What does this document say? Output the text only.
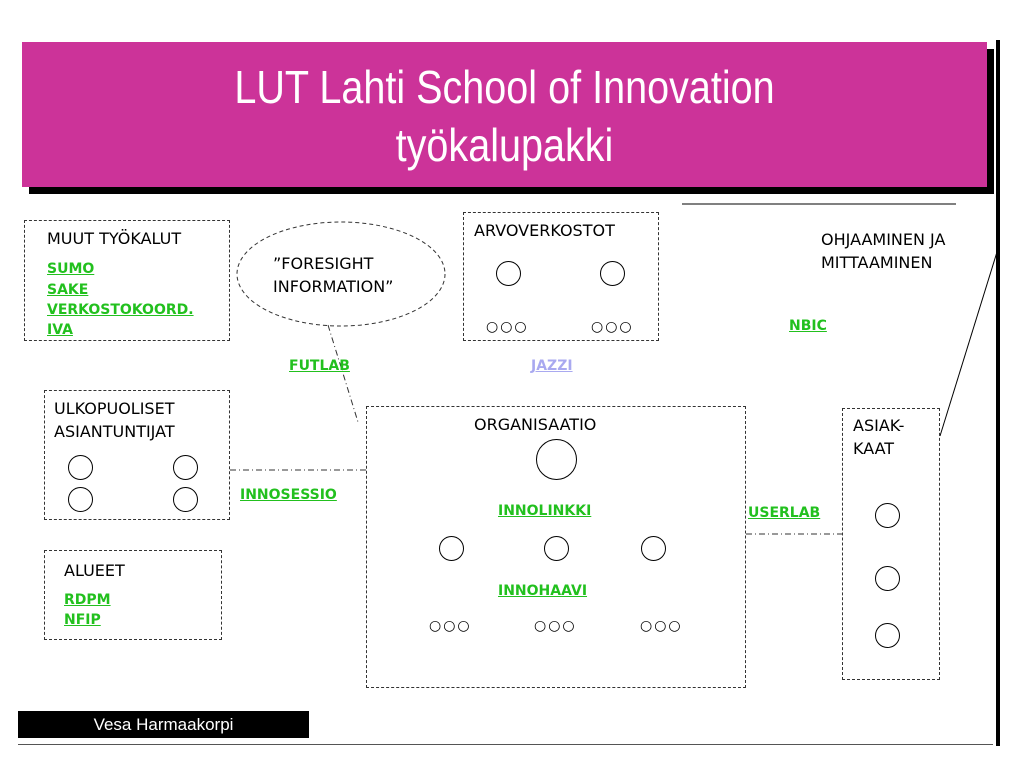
LUT Lahti School of Innovation
työkalupakki
MUUT TYÖKALUT
SUMO
SAKE
VERKOSTOKOORD.
IVA
”FORESIGHT
INFORMATION”
ARVOVERKOSTOT
○○○	○○○
OHJAAMINEN JA
MITTAAMINEN
NBIC
FUTLAB	JAZZI
INNOSESSIO
USERLAB
ULKOPUOLISET
ASIANTUNTIJAT	ORGANISAATIO
INNOLINKKI
INNOHAAVI
○○○	○○○	○○○
ASIAK-
KAAT
ALUEET
RDPM
NFIP
Vesa Harmaakorpi
